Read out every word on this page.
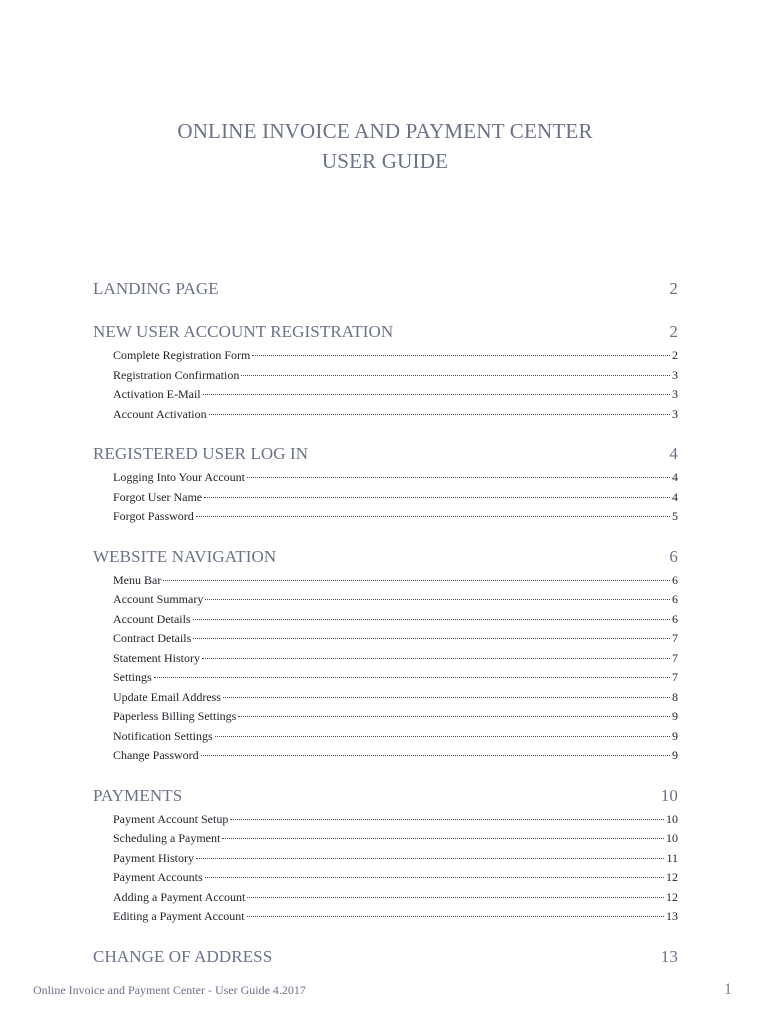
ONLINE INVOICE AND PAYMENT CENTER
USER GUIDE
LANDING PAGE	2
NEW USER ACCOUNT REGISTRATION	2
Complete Registration Form	2
Registration Confirmation	3
Activation E-Mail	3
Account Activation	3
REGISTERED USER LOG IN	4
Logging Into Your Account	4
Forgot User Name	4
Forgot Password	5
WEBSITE NAVIGATION	6
Menu Bar	6
Account Summary	6
Account Details	6
Contract Details	7
Statement History	7
Settings	7
Update Email Address	8
Paperless Billing Settings	9
Notification Settings	9
Change Password	9
PAYMENTS	10
Payment Account Setup	10
Scheduling a Payment	10
Payment History	11
Payment Accounts	12
Adding a Payment Account	12
Editing a Payment Account	13
CHANGE OF ADDRESS	13
Online Invoice and Payment Center - User Guide 4.2017	1
